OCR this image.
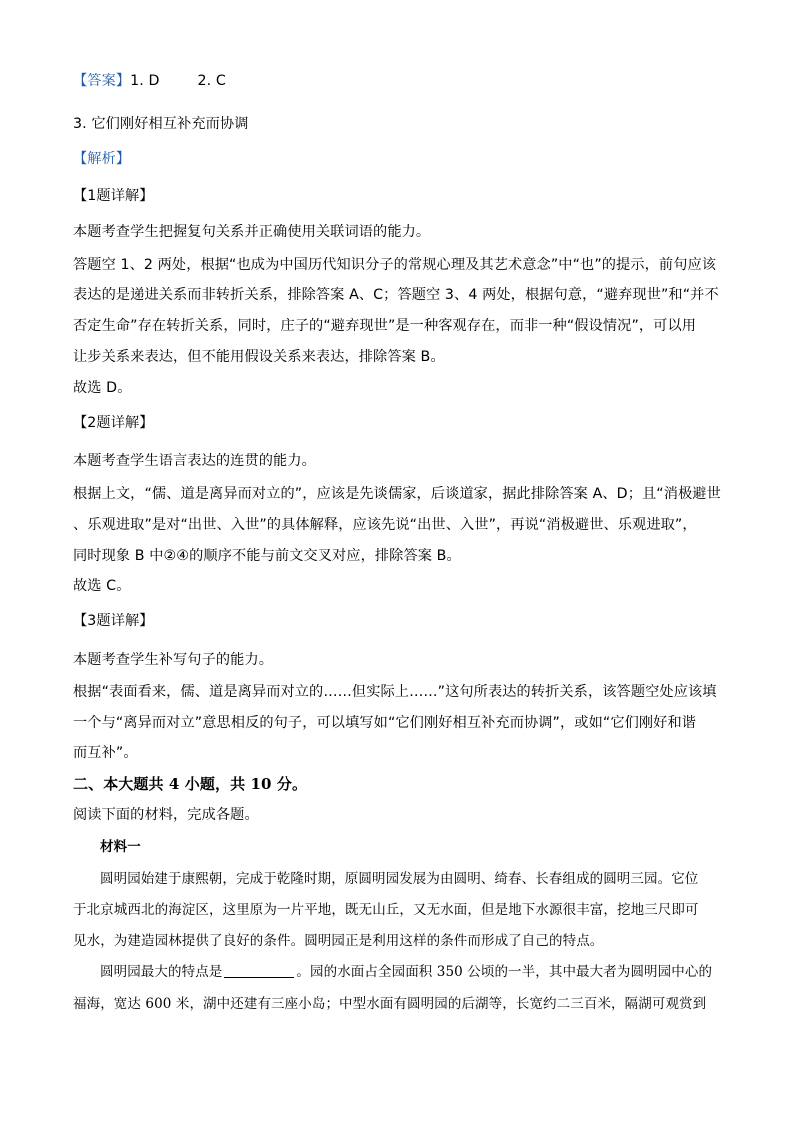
【答案】1. D	2. C
3. 它们刚好相互补充而协调
【解析】
【1题详解】
本题考查学生把握复句关系并正确使用关联词语的能力。
答题空 1、2 两处，根据“也成为中国历代知识分子的常规心理及其艺术意念”中“也”的提示，前句应该
表达的是递进关系而非转折关系，排除答案 A、C；答题空 3、4 两处，根据句意，“避弃现世”和“并不
否定生命”存在转折关系，同时，庄子的“避弃现世”是一种客观存在，而非一种“假设情况”，可以用
让步关系来表达，但不能用假设关系来表达，排除答案 B。
故选 D。
【2题详解】
本题考查学生语言表达的连贯的能力。
根据上文，“儒、道是离异而对立的”，应该是先谈儒家，后谈道家，据此排除答案 A、D；且“消极避世
、乐观进取”是对“出世、入世”的具体解释，应该先说“出世、入世”，再说“消极避世、乐观进取”，
同时现象 B 中②④的顺序不能与前文交叉对应，排除答案 B。
故选 C。
【3题详解】
本题考查学生补写句子的能力。
根据“表面看来，儒、道是离异而对立的……但实际上……”这句所表达的转折关系，该答题空处应该填
一个与“离异而对立”意思相反的句子，可以填写如“它们刚好相互补充而协调”，或如“它们刚好和谐
而互补”。
二、本大题共 4 小题，共 10 分。
阅读下面的材料，完成各题。
材料一
圆明园始建于康熙朝，完成于乾隆时期，原圆明园发展为由圆明、绮春、长春组成的圆明三园。它位
于北京城西北的海淀区，这里原为一片平地，既无山丘，又无水面，但是地下水源很丰富，挖地三尺即可
见水，为建造园林提供了良好的条件。圆明园正是利用这样的条件而形成了自己的特点。
圆明园最大的特点是	。园的水面占全园面积 350 公顷的一半，其中最大者为圆明园中心的
福海，宽达 600 米，湖中还建有三座小岛；中型水面有圆明园的后湖等，长宽约二三百米，隔湖可观赏到
